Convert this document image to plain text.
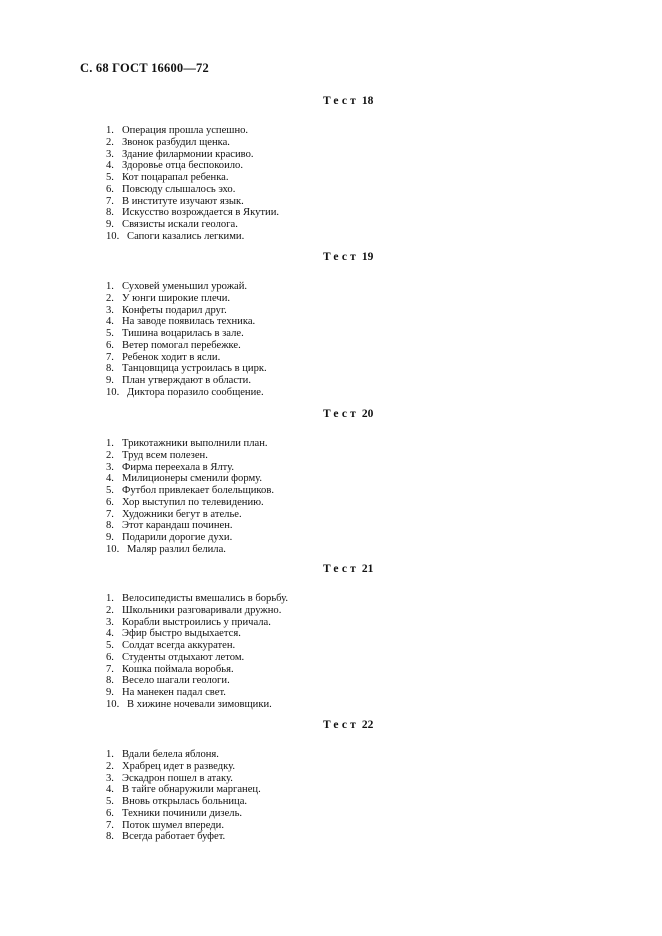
С. 68 ГОСТ 16600—72
Тест 18
1. Операция прошла успешно.
2. Звонок разбудил щенка.
3. Здание филармонии красиво.
4. Здоровье отца беспокоило.
5. Кот поцарапал ребенка.
6. Повсюду слышалось эхо.
7. В институте изучают язык.
8. Искусство возрождается в Якутии.
9. Связисты искали геолога.
10. Сапоги казались легкими.
Тест 19
1. Суховей уменьшил урожай.
2. У юнги широкие плечи.
3. Конфеты подарил друг.
4. На заводе появилась техника.
5. Тишина воцарилась в зале.
6. Ветер помогал перебежке.
7. Ребенок ходит в ясли.
8. Танцовщица устроилась в цирк.
9. План утверждают в области.
10. Диктора поразило сообщение.
Тест 20
1. Трикотажники выполнили план.
2. Труд всем полезен.
3. Фирма переехала в Ялту.
4. Милиционеры сменили форму.
5. Футбол привлекает болельщиков.
6. Хор выступил по телевидению.
7. Художники бегут в ателье.
8. Этот карандаш починен.
9. Подарили дорогие духи.
10. Маляр разлил белила.
Тест 21
1. Велосипедисты вмешались в борьбу.
2. Школьники разговаривали дружно.
3. Корабли выстроились у причала.
4. Эфир быстро выдыхается.
5. Солдат всегда аккуратен.
6. Студенты отдыхают летом.
7. Кошка поймала воробья.
8. Весело шагали геологи.
9. На манекен падал свет.
10. В хижине ночевали зимовщики.
Тест 22
1. Вдали белела яблоня.
2. Храбрец идет в разведку.
3. Эскадрон пошел в атаку.
4. В тайге обнаружили марганец.
5. Вновь открылась больница.
6. Техники починили дизель.
7. Поток шумел впереди.
8. Всегда работает буфет.
